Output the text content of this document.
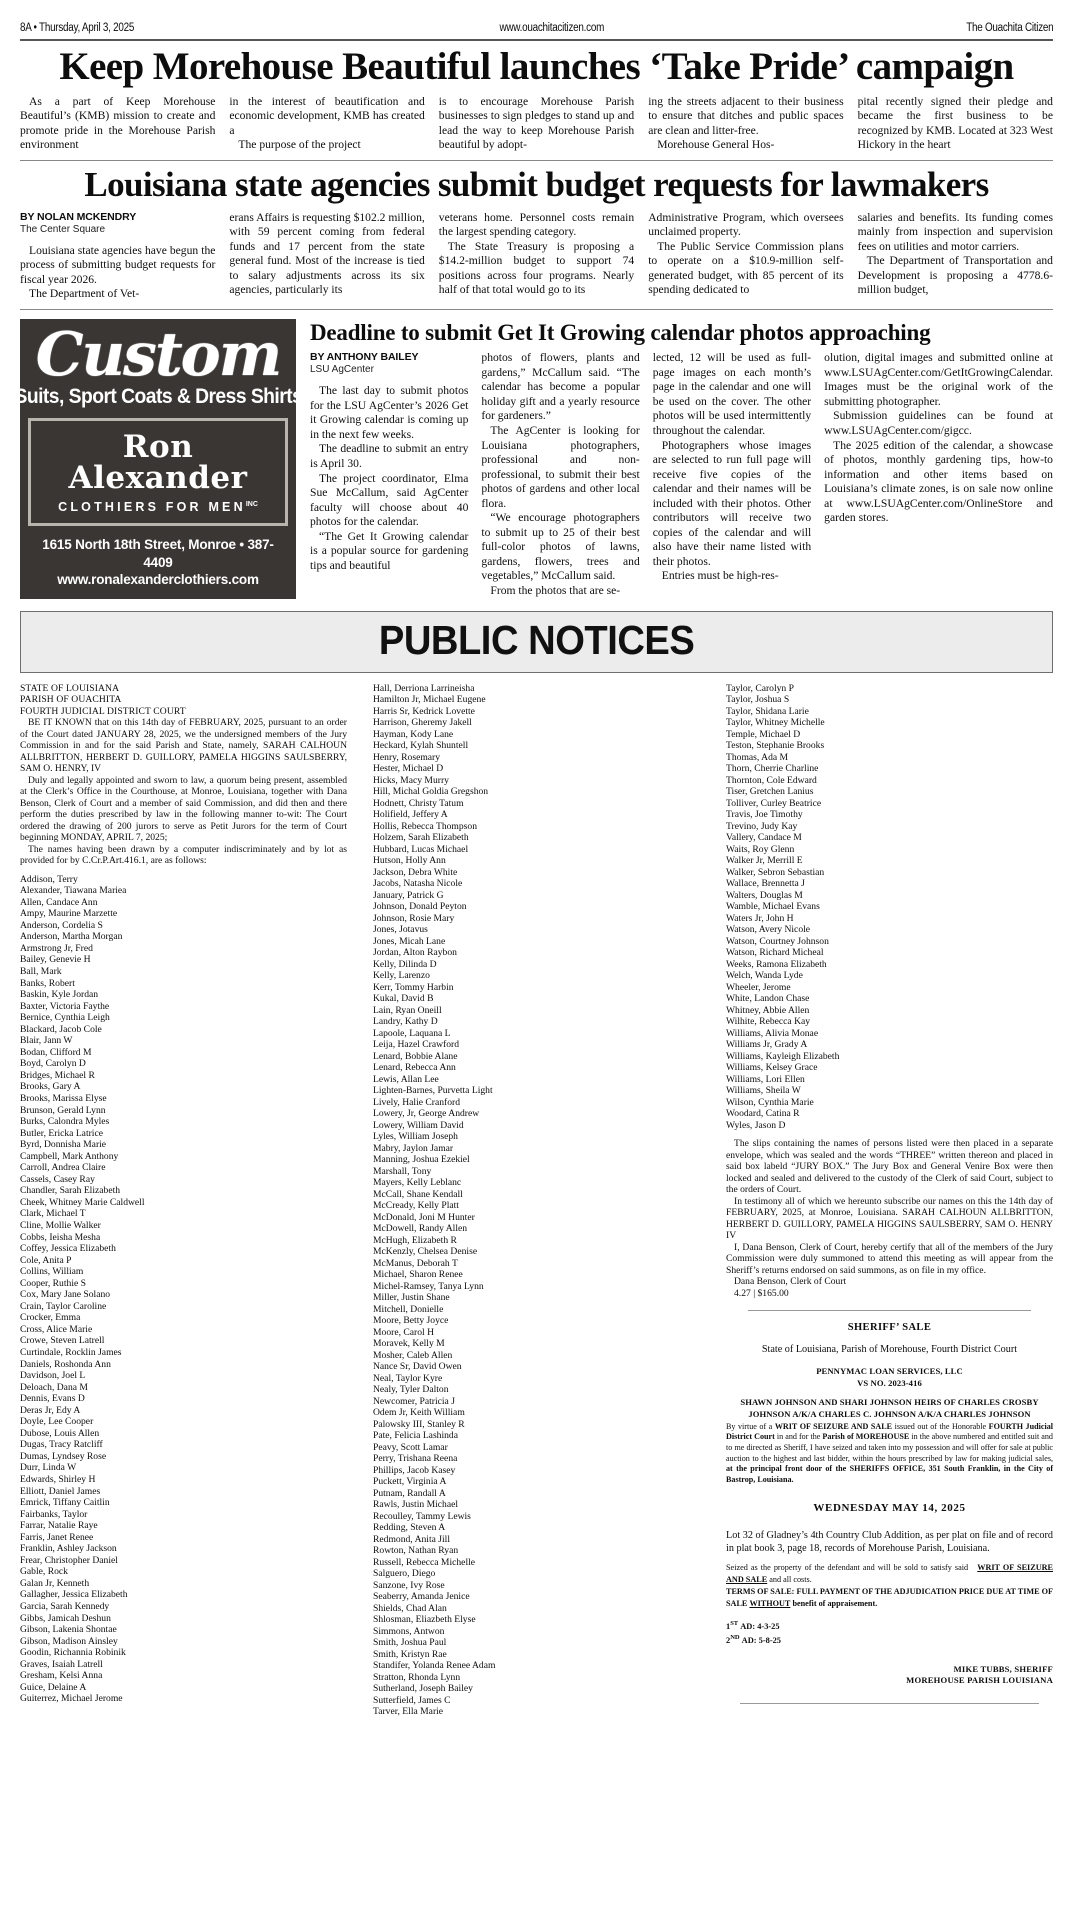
8A • Thursday, April 3, 2025	www.ouachitacitizen.com	The Ouachita Citizen
Keep Morehouse Beautiful launches ‘Take Pride’ campaign

As a part of Keep Morehouse Beautiful’s (KMB) mission to create and promote pride in the Morehouse Parish environment

in the interest of beautification and economic development, KMB has created a

The purpose of the project

is to encourage Morehouse Parish businesses to sign pledges to stand up and lead the way to keep Morehouse Parish beautiful by adopt-

ing the streets adjacent to their business to ensure that ditches and public spaces are clean and litter-free.

Morehouse General Hos-

pital recently signed their pledge and became the first business to be recognized by KMB. Located at 323 West Hickory in the heart

Louisiana state agencies submit budget requests for lawmakers
BY NOLAN MCKENDRY
The Center Square

Louisiana state agencies have begun the process of submitting budget requests for fiscal year 2026.

The Department of Vet-

erans Affairs is requesting $102.2 million, with 59 percent coming from federal funds and 17 percent from the state general fund. Most of the increase is tied to salary adjustments across its six agencies, particularly its

veterans home. Personnel costs remain the largest spending category.

The State Treasury is proposing a $14.2-million budget to support 74 positions across four programs. Nearly half of that total would go to its

Administrative Program, which oversees unclaimed property.

The Public Service Commission plans to operate on a $10.9-million self-generated budget, with 85 percent of its spending dedicated to

salaries and benefits. Its funding comes mainly from inspection and supervision fees on utilities and motor carriers.

The Department of Transportation and Development is proposing a 4778.6-million budget,

Custom
Suits, Sport Coats & Dress Shirts
Ron Alexander
CLOTHIERS FOR $MEN^{INC}$
1615 North 18th Street, Monroe • 387-4409
www.ronalexanderclothiers.com
Deadline to submit Get It Growing calendar photos approaching
BY ANTHONY BAILEY
LSU AgCenter

The last day to submit photos for the LSU AgCenter’s 2026 Get it Growing calendar is coming up in the next few weeks.

The deadline to submit an entry is April 30.

The project coordinator, Elma Sue McCallum, said AgCenter faculty will choose about 40 photos for the calendar.

“The Get It Growing calendar is a popular source for gardening tips and beautiful

photos of flowers, plants and gardens,” McCallum said. “The calendar has become a popular holiday gift and a yearly resource for gardeners.”

The AgCenter is looking for Louisiana photographers, professional and non-professional, to submit their best photos of gardens and other local flora.

“We encourage photographers to submit up to 25 of their best full-color photos of lawns, gardens, flowers, trees and vegetables,” McCallum said.

From the photos that are se-

lected, 12 will be used as full-page images on each month’s page in the calendar and one will be used on the cover. The other photos will be used intermittently throughout the calendar.

Photographers whose images are selected to run full page will receive five copies of the calendar and their names will be included with their photos. Other contributors will receive two copies of the calendar and will also have their name listed with their photos.

Entries must be high-res-

olution, digital images and submitted online at www.LSUAgCenter.com/GetItGrowingCalendar. Images must be the original work of the submitting photographer.

Submission guidelines can be found at www.LSUAgCenter.com/gigcc.

The 2025 edition of the calendar, a showcase of photos, monthly gardening tips, how-to information and other items based on Louisiana’s climate zones, is on sale now online at www.LSUAgCenter.com/OnlineStore and garden stores.

PUBLIC NOTICES

STATE OF LOUISIANA

PARISH OF OUACHITA

FOURTH JUDICIAL DISTRICT COURT

BE IT KNOWN that on this 14th day of FEBRUARY, 2025, pursuant to an order of the Court dated JANUARY 28, 2025, we the undersigned members of the Jury Commission in and for the said Parish and State, namely, SARAH CALHOUN ALLBRITTON, HERBERT D. GUILLORY, PAMELA HIGGINS SAULSBERRY, SAM O. HENRY, IV

Duly and legally appointed and sworn to law, a quorum being present, assembled at the Clerk’s Office in the Courthouse, at Monroe, Louisiana, together with Dana Benson, Clerk of Court and a member of said Commission, and did then and there perform the duties prescribed by law in the following manner to-wit: The Court ordered the drawing of 200 jurors to serve as Petit Jurors for the term of Court beginning MONDAY, APRIL 7, 2025;

The names having been drawn by a computer indiscriminately and by lot as provided for by C.Cr.P.Art.416.1, are as follows:

Addison, Terry
Alexander, Tiawana Mariea
Allen, Candace Ann
Ampy, Maurine Marzette
Anderson, Cordelia S
Anderson, Martha Morgan
Armstrong Jr, Fred
Bailey, Genevie H
Ball, Mark
Banks, Robert
Baskin, Kyle Jordan
Baxter, Victoria Faythe
Bernice, Cynthia Leigh
Blackard, Jacob Cole
Blair, Jann W
Bodan, Clifford M
Boyd, Carolyn D
Bridges, Michael R
Brooks, Gary A
Brooks, Marissa Elyse
Brunson, Gerald Lynn
Burks, Calondra Myles
Butler, Ericka Latrice
Byrd, Donnisha Marie
Campbell, Mark Anthony
Carroll, Andrea Claire
Cassels, Casey Ray
Chandler, Sarah Elizabeth
Cheek, Whitney Marie Caldwell
Clark, Michael T
Cline, Mollie Walker
Cobbs, Ieisha Mesha
Coffey, Jessica Elizabeth
Cole, Anita P
Collins, William
Cooper, Ruthie S
Cox, Mary Jane Solano
Crain, Taylor Caroline
Crocker, Emma
Cross, Alice Marie
Crowe, Steven Latrell
Curtindale, Rocklin James
Daniels, Roshonda Ann
Davidson, Joel L
Deloach, Dana M
Dennis, Evans D
Deras Jr, Edy A
Doyle, Lee Cooper
Dubose, Louis Allen
Dugas, Tracy Ratcliff
Dumas, Lyndsey Rose
Durr, Linda W
Edwards, Shirley H
Elliott, Daniel James
Emrick, Tiffany Caitlin
Fairbanks, Taylor
Farrar, Natalie Raye
Farris, Janet Renee
Franklin, Ashley Jackson
Frear, Christopher Daniel
Gable, Rock
Galan Jr, Kenneth
Gallagher, Jessica Elizabeth
Garcia, Sarah Kennedy
Gibbs, Jamicah Deshun
Gibson, Lakenia Shontae
Gibson, Madison Ainsley
Goodin, Richannia Robinik
Graves, Isaiah Latrell
Gresham, Kelsi Anna
Guice, Delaine A
Guiterrez, Michael Jerome
Hall, Derriona Larrineisha
Hamilton Jr, Michael Eugene
Harris Sr, Kedrick Lovette
Harrison, Gheremy Jakell
Hayman, Kody Lane
Heckard, Kylah Shuntell
Henry, Rosemary
Hester, Michael D
Hicks, Macy Murry
Hill, Michal Goldia Gregshon
Hodnett, Christy Tatum
Holifield, Jeffery A
Hollis, Rebecca Thompson
Holzem, Sarah Elizabeth
Hubbard, Lucas Michael
Hutson, Holly Ann
Jackson, Debra White
Jacobs, Natasha Nicole
January, Patrick G
Johnson, Donald Peyton
Johnson, Rosie Mary
Jones, Jotavus
Jones, Micah Lane
Jordan, Alton Raybon
Kelly, Dilinda D
Kelly, Larenzo
Kerr, Tommy Harbin
Kukal, David B
Lain, Ryan Oneill
Landry, Kathy D
Lapoole, Laquana L
Leija, Hazel Crawford
Lenard, Bobbie Alane
Lenard, Rebecca Ann
Lewis, Allan Lee
Lighten-Barnes, Purvetta Light
Lively, Halie Cranford
Lowery, Jr, George Andrew
Lowery, William David
Lyles, William Joseph
Mabry, Jaylon Jamar
Manning, Joshua Ezekiel
Marshall, Tony
Mayers, Kelly Leblanc
McCall, Shane Kendall
McCready, Kelly Platt
McDonald, Joni M Hunter
McDowell, Randy Allen
McHugh, Elizabeth R
McKenzly, Chelsea Denise
McManus, Deborah T
Michael, Sharon Renee
Michel-Ramsey, Tanya Lynn
Miller, Justin Shane
Mitchell, Donielle
Moore, Betty Joyce
Moore, Carol H
Moravek, Kelly M
Mosher, Caleb Allen
Nance Sr, David Owen
Neal, Taylor Kyre
Nealy, Tyler Dalton
Newcomer, Patricia J
Odem Jr, Keith William
Palowsky III, Stanley R
Pate, Felicia Lashinda
Peavy, Scott Lamar
Perry, Trishana Reena
Phillips, Jacob Kasey
Puckett, Virginia A
Putnam, Randall A
Rawls, Justin Michael
Recoulley, Tammy Lewis
Redding, Steven A
Redmond, Anita Jill
Rowton, Nathan Ryan
Russell, Rebecca Michelle
Salguero, Diego
Sanzone, Ivy Rose
Seaberry, Amanda Jenice
Shields, Chad Alan
Shlosman, Eliazbeth Elyse
Simmons, Antwon
Smith, Joshua Paul
Smith, Kristyn Rae
Standifer, Yolanda Renee Adam
Stratton, Rhonda Lynn
Sutherland, Joseph Bailey
Sutterfield, James C
Tarver, Ella Marie
Taylor, Carolyn P
Taylor, Joshua S
Taylor, Shidana Larie
Taylor, Whitney Michelle
Temple, Michael D
Teston, Stephanie Brooks
Thomas, Ada M
Thorn, Cherrie Charline
Thornton, Cole Edward
Tiser, Gretchen Lanius
Tolliver, Curley Beatrice
Travis, Joe Timothy
Trevino, Judy Kay
Vallery, Candace M
Waits, Roy Glenn
Walker Jr, Merrill E
Walker, Sebron Sebastian
Wallace, Brennetta J
Walters, Douglas M
Wamble, Michael Evans
Waters Jr, John H
Watson, Avery Nicole
Watson, Courtney Johnson
Watson, Richard Micheal
Weeks, Ramona Elizabeth
Welch, Wanda Lyde
Wheeler, Jerome
White, Landon Chase
Whitney, Abbie Allen
Wilhite, Rebecca Kay
Williams, Alivia Monae
Williams Jr, Grady A
Williams, Kayleigh Elizabeth
Williams, Kelsey Grace
Williams, Lori Ellen
Williams, Sheila W
Wilson, Cynthia Marie
Woodard, Catina R
Wyles, Jason D

The slips containing the names of persons listed were then placed in a separate envelope, which was sealed and the words “THREE” written thereon and placed in said box labeld “JURY BOX.” The Jury Box and General Venire Box were then locked and sealed and delivered to the custody of the Clerk of said Court, subject to the orders of Court.

In testimony all of which we hereunto subscribe our names on this the 14th day of FEBRUARY, 2025, at Monroe, Louisiana. SARAH CALHOUN ALLBRITTON, HERBERT D. GUILLORY, PAMELA HIGGINS SAULSBERRY, SAM O. HENRY IV

I, Dana Benson, Clerk of Court, hereby certify that all of the members of the Jury Commission were duly summoned to attend this meeting as will appear from the Sheriff’s returns endorsed on said summons, as on file in my office.

Dana Benson, Clerk of Court

4.27 | $165.00

SHERIFF’ SALE
State of Louisiana, Parish of Morehouse, Fourth District Court
PENNYMAC LOAN SERVICES, LLC
VS NO. 2023-416
SHAWN JOHNSON AND SHARI JOHNSON HEIRS OF CHARLES CROSBY
JOHNSON A/K/A CHARLES C. JOHNSON A/K/A CHARLES JOHNSON

By virtue of a WRIT OF SEIZURE AND SALE issued out of the Honorable FOURTH Judicial District Court in and for the Parish of MOREHOUSE in the above numbered and entitled suit and to me directed as Sheriff, I have seized and taken into my possession and will offer for sale at public auction to the highest and last bidder, within the hours prescribed by law for making judicial sales, at the principal front door of the SHERIFFS OFFICE, 351 South Franklin, in the City of Bastrop, Louisiana.

WEDNESDAY MAY 14, 2025

Lot 32 of Gladney’s 4th Country Club Addition, as per plat on file and of record in plat book 3, page 18, records of Morehouse Parish, Louisiana.

Seized as the property of the defendant and will be sold to satisfy said WRIT OF SEIZURE AND SALE and all costs.

TERMS OF SALE: FULL PAYMENT OF THE ADJUDICATION PRICE DUE AT TIME OF SALE WITHOUT benefit of appraisement.

1ST AD: 4-3-25
2ND AD: 5-8-25
MIKE TUBBS, SHERIFF
MOREHOUSE PARISH LOUISIANA
